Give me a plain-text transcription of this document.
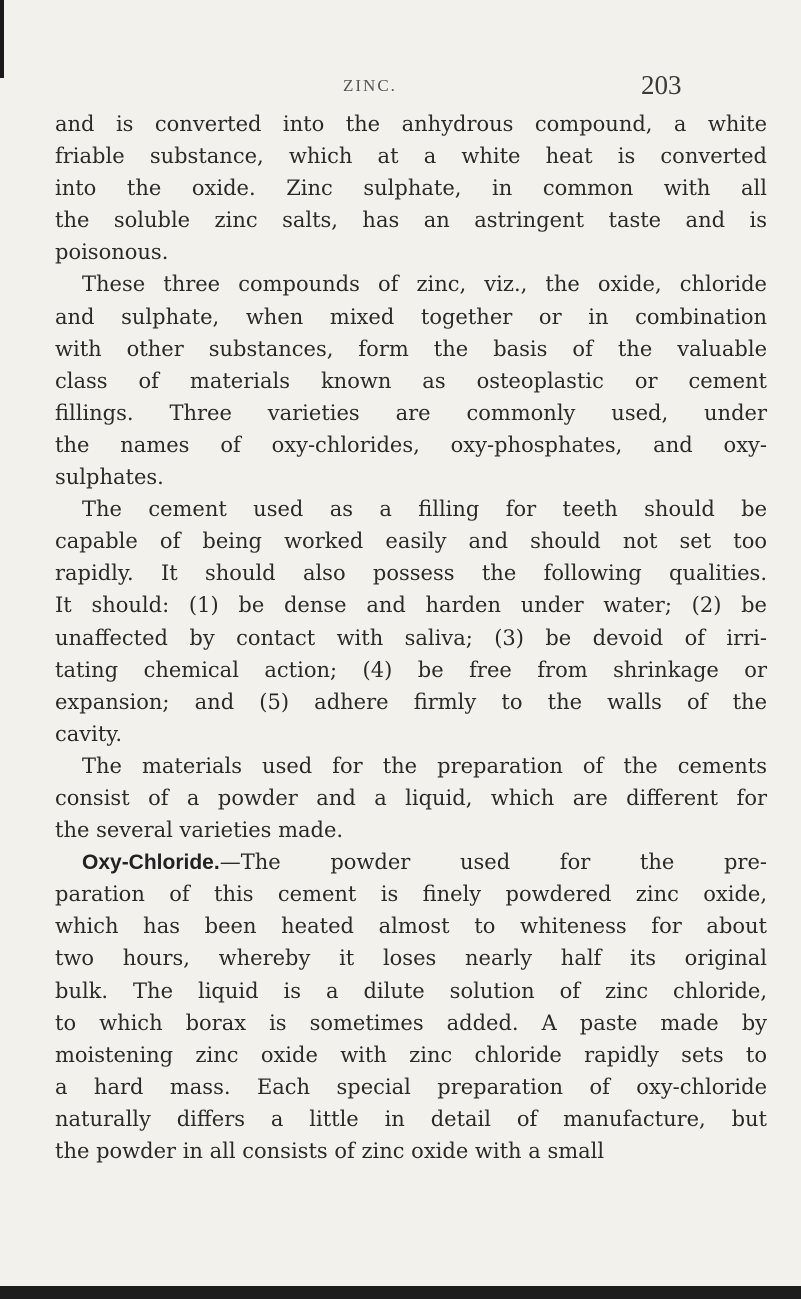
ZINC.	203
and is converted into the anhydrous compound, a white
friable substance, which at a white heat is converted
into the oxide. Zinc sulphate, in common with all
the soluble zinc salts, has an astringent taste and is
poisonous.
These three compounds of zinc, viz., the oxide, chloride
and sulphate, when mixed together or in combination
with other substances, form the basis of the valuable
class of materials known as osteoplastic or cement
fillings. Three varieties are commonly used, under
the names of oxy-chlorides, oxy-phosphates, and oxy-
sulphates.
The cement used as a filling for teeth should be
capable of being worked easily and should not set too
rapidly. It should also possess the following qualities.
It should: (1) be dense and harden under water; (2) be
unaffected by contact with saliva; (3) be devoid of irri-
tating chemical action; (4) be free from shrinkage or
expansion; and (5) adhere firmly to the walls of the
cavity.
The materials used for the preparation of the cements
consist of a powder and a liquid, which are different for
the several varieties made.
Oxy-Chloride.—The powder used for the pre-
paration of this cement is finely powdered zinc oxide,
which has been heated almost to whiteness for about
two hours, whereby it loses nearly half its original
bulk. The liquid is a dilute solution of zinc chloride,
to which borax is sometimes added. A paste made by
moistening zinc oxide with zinc chloride rapidly sets to
a hard mass. Each special preparation of oxy-chloride
naturally differs a little in detail of manufacture, but
the powder in all consists of zinc oxide with a small
